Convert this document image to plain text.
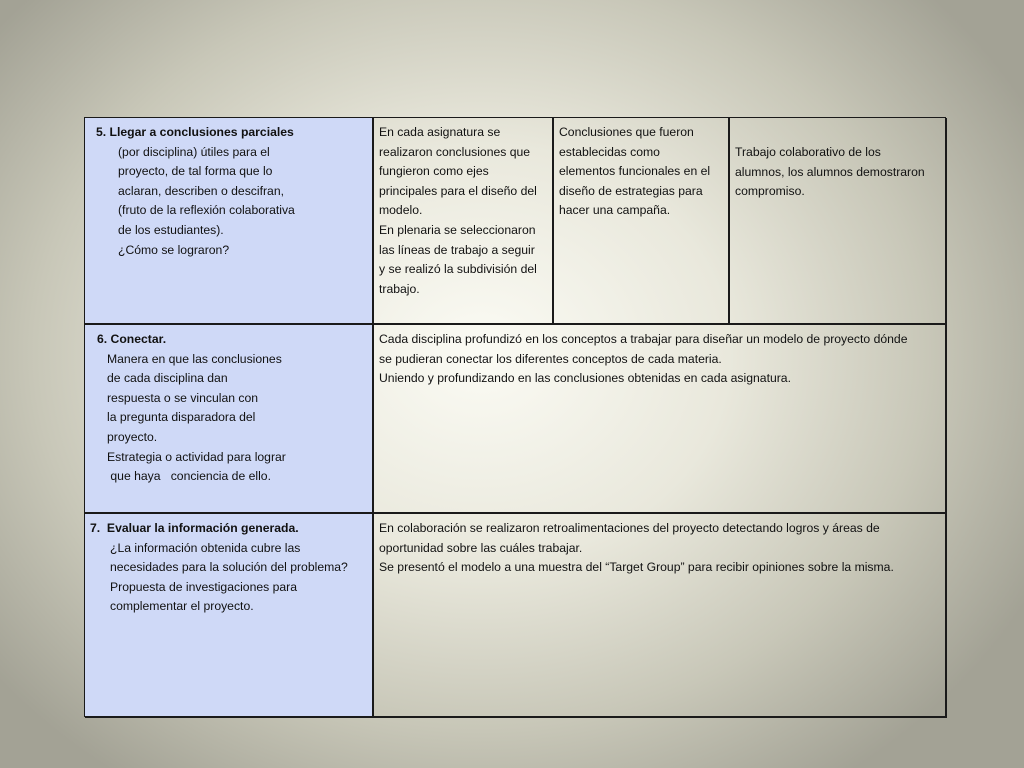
5. Llegar a conclusiones parciales
(por disciplina) útiles para el
proyecto, de tal forma que lo
aclaran, describen o descifran,
(fruto de la reflexión colaborativa
de los estudiantes).
¿Cómo se lograron?
En cada asignatura se
realizaron conclusiones que
fungieron como ejes
principales para el diseño del
modelo.
En plenaria se seleccionaron
las líneas de trabajo a seguir
y se realizó la subdivisión del
trabajo.
Conclusiones que fueron
establecidas como
elementos funcionales en el
diseño de estrategias para
hacer una campaña.
Trabajo colaborativo de los
alumnos, los alumnos demostraron
compromiso.
6. Conectar.
Manera en que las conclusiones
de cada disciplina dan
respuesta o se vinculan con
la pregunta disparadora del
proyecto.
Estrategia o actividad para lograr
que haya   conciencia de ello.
Cada disciplina profundizó en los conceptos a trabajar para diseñar un modelo de proyecto dónde
se pudieran conectar los diferentes conceptos de cada materia.
Uniendo y profundizando en las conclusiones obtenidas en cada asignatura.
7.  Evaluar la información generada.
¿La información obtenida cubre las
necesidades para la solución del problema?
Propuesta de investigaciones para
complementar el proyecto.
En colaboración se realizaron retroalimentaciones del proyecto detectando logros y áreas de
oportunidad sobre las cuáles trabajar.
Se presentó el modelo a una muestra del “Target Group” para recibir opiniones sobre la misma.
